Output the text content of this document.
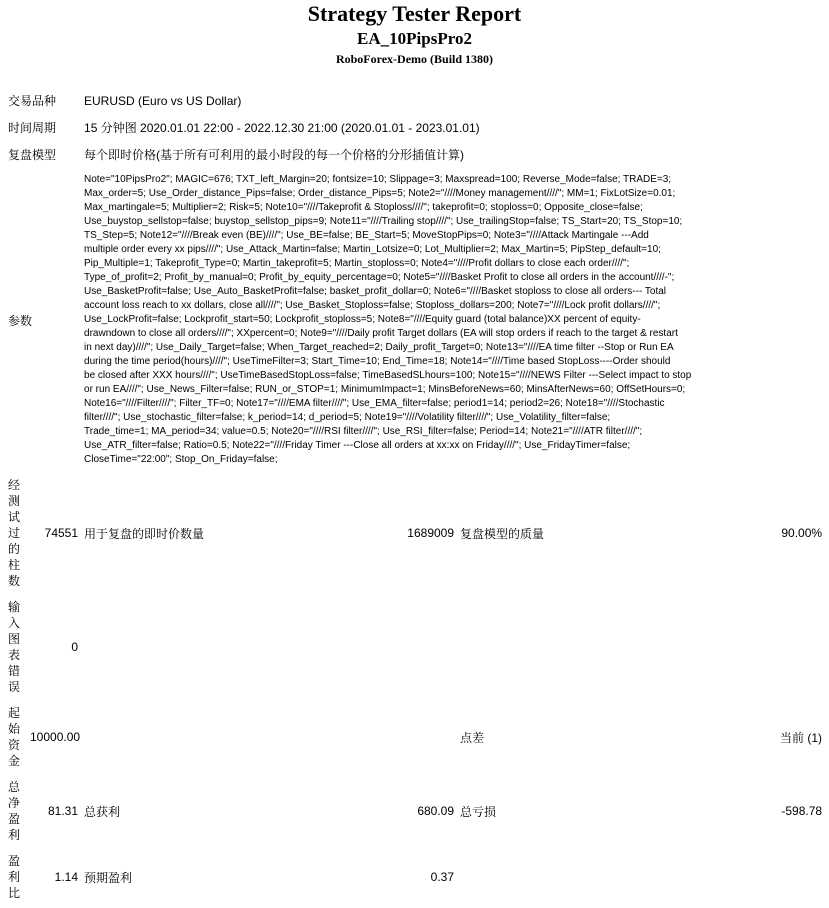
Strategy Tester Report
EA_10PipsPro2
RoboForex-Demo (Build 1380)
交易品种		EURUSD (Euro vs US Dollar)			
时间周期		15 分钟图 2020.01.01 22:00 - 2022.12.30 21:00 (2020.01.01 - 2023.01.01)			
复盘模型		每个即时价格(基于所有可利用的最小时段的每一个价格的分形插值计算)			
参数	
Note="10PipsPro2"; MAGIC=676; TXT_left_Margin=20; fontsize=10; Slippage=3; Maxspread=100; Reverse_Mode=false; TRADE=3;
Max_order=5; Use_Order_distance_Pips=false; Order_distance_Pips=5; Note2="////Money management////"; MM=1; FixLotSize=0.01;
Max_martingale=5; Multiplier=2; Risk=5; Note10="////Takeprofit & Stoploss////"; takeprofit=0; stoploss=0; Opposite_close=false;
Use_buystop_sellstop=false; buystop_sellstop_pips=9; Note11="////Trailing stop////"; Use_trailingStop=false; TS_Start=20; TS_Stop=10;
TS_Step=5; Note12="////Break even (BE)////"; Use_BE=false; BE_Start=5; MoveStopPips=0; Note3="////Attack Martingale ---Add
multiple order every xx pips////"; Use_Attack_Martin=false; Martin_Lotsize=0; Lot_Multiplier=2; Max_Martin=5; PipStep_default=10;
Pip_Multiple=1; Takeprofit_Type=0; Martin_takeprofit=5; Martin_stoploss=0; Note4="////Profit dollars to close each order////";
Type_of_profit=2; Profit_by_manual=0; Profit_by_equity_percentage=0; Note5="////Basket Profit to close all orders in the account////-";
Use_BasketProfit=false; Use_Auto_BasketProfit=false; basket_profit_dollar=0; Note6="////Basket stoploss to close all orders--- Total
account loss reach to xx dollars, close all////"; Use_Basket_Stoploss=false; Stoploss_dollars=200; Note7="////Lock profit dollars////";
Use_LockProfit=false; Lockprofit_start=50; Lockprofit_stoploss=5; Note8="////Equity guard (total balance)XX percent of equity-
drawndown to close all orders////"; XXpercent=0; Note9="////Daily profit Target dollars (EA will stop orders if reach to the target & restart
in next day)////"; Use_Daily_Target=false; When_Target_reached=2; Daily_profit_Target=0; Note13="////EA time filter --Stop or Run EA
during the time period(hours)////"; UseTimeFilter=3; Start_Time=10; End_Time=18; Note14="////Time based StopLoss----Order should
be closed after XXX hours////"; UseTimeBasedStopLoss=false; TimeBasedSLhours=100; Note15="////NEWS Filter ---Select impact to stop
or run EA////"; Use_News_Filter=false; RUN_or_STOP=1; MinimumImpact=1; MinsBeforeNews=60; MinsAfterNews=60; OffSetHours=0;
Note16="////Filter////"; Filter_TF=0; Note17="////EMA filter////"; Use_EMA_filter=false; period1=14; period2=26; Note18="////Stochastic
filter////"; Use_stochastic_filter=false; k_period=14; d_period=5; Note19="////Volatility filter////"; Use_Volatility_filter=false;
Trade_time=1; MA_period=34; value=0.5; Note20="////RSI filter////"; Use_RSI_filter=false; Period=14; Note21="////ATR filter////";
Use_ATR_filter=false; Ratio=0.5; Note22="////Friday Timer ---Close all orders at xx:xx on Friday////"; Use_FridayTimer=false;
CloseTime="22:00"; Stop_On_Friday=false;

经
测
试
过
的
柱
数
	74551	用于复盘的即时价数量	1689009	复盘模型的质量	90.00%

输
入
图
表
错
误
	0				

起
始
资
金	10000.00			点差	当前 (1)

总
净
盈
利	81.31	总获利	680.09	总亏损	-598.78

盈
利
比	1.14	预期盈利	0.37		
